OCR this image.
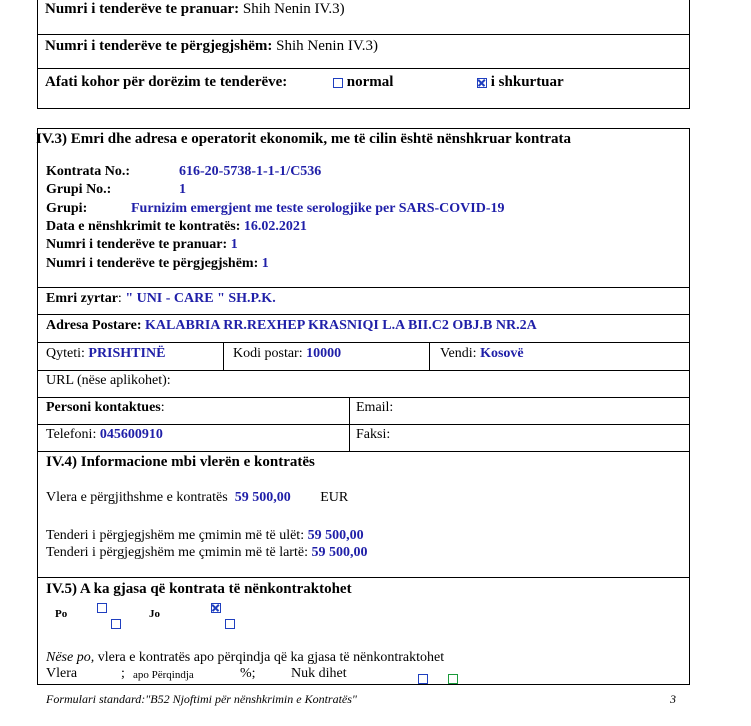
Numri i tenderëve te pranuar: Shih Nenin IV.3)
Numri i tenderëve te përgjegjshëm: Shih Nenin IV.3)
Afati kohor për dorëzim te tenderëve:	normal	i shkurtuar
IV.3) Emri dhe adresa e operatorit ekonomik, me të cilin është nënshkruar kontrata
Kontrata No.:	616-20-5738-1-1-1/C536
Grupi No.:	1
Grupi:	Furnizim emergjent me teste serologjike per SARS-COVID-19
Data e nënshkrimit te kontratës: 16.02.2021
Numri i tenderëve te pranuar: 1
Numri i tenderëve te përgjegjshëm: 1
Emri zyrtar: " UNI - CARE " SH.P.K.
Adresa Postare: KALABRIA RR.REXHEP KRASNIQI L.A BII.C2 OBJ.B NR.2A
Qyteti: PRISHTINË	Kodi postar: 10000	Vendi: Kosovë
URL (nëse aplikohet):
Personi kontaktues:	Email:
Telefoni: 045600910	Faksi:
IV.4) Informacione mbi vlerën e kontratës
Vlera e përgjithshme e kontratës 59 500,00 EUR
Tenderi i përgjegjshëm me çmimin më të ulët: 59 500,00
Tenderi i përgjegjshëm me çmimin më të lartë: 59 500,00
IV.5) A ka gjasa që kontrata të nënkontraktohet
Po
	Jo

Nëse po, vlera e kontratës apo përqindja që ka gjasa të nënkontraktohet
Vlera	; apo Përqindja	%;	Nuk dihet

Formulari standard:"B52 Njoftimi për nënshkrimin e Kontratës"	3
